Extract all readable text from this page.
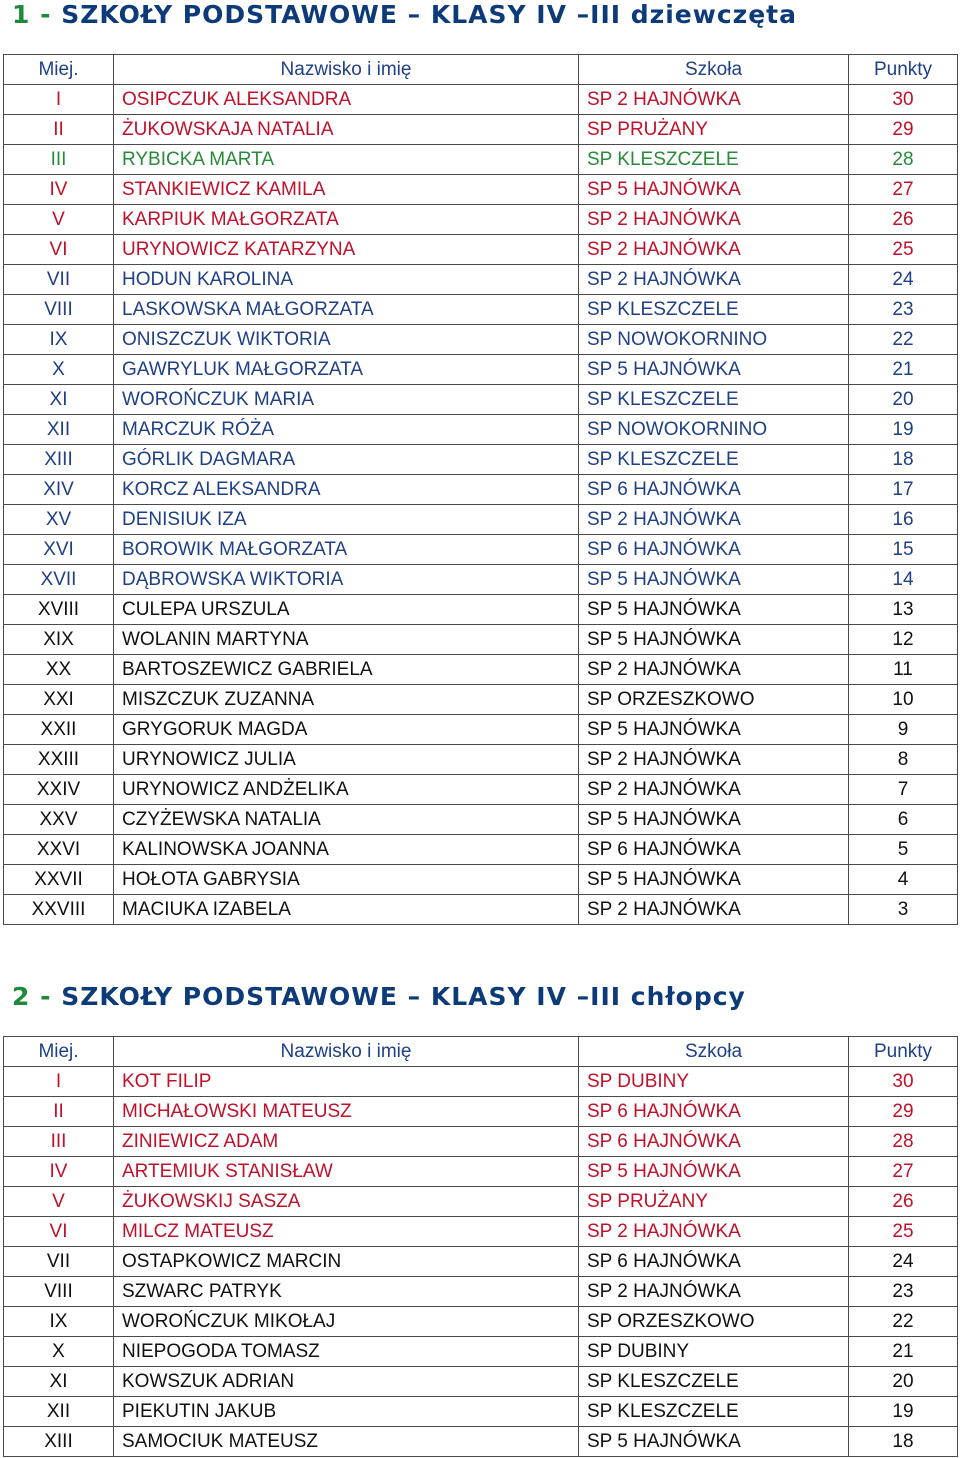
1 - SZKOŁY PODSTAWOWE – KLASY IV –III dziewczęta
Miej.	Nazwisko i imię	Szkoła	Punkty
I	OSIPCZUK ALEKSANDRA	SP 2 HAJNÓWKA	30
II	ŻUKOWSKAJA NATALIA	SP PRUŻANY	29
III	RYBICKA MARTA	SP KLESZCZELE	28
IV	STANKIEWICZ KAMILA	SP 5 HAJNÓWKA	27
V	KARPIUK MAŁGORZATA	SP 2 HAJNÓWKA	26
VI	URYNOWICZ KATARZYNA	SP 2 HAJNÓWKA	25
VII	HODUN KAROLINA	SP 2 HAJNÓWKA	24
VIII	LASKOWSKA MAŁGORZATA	SP KLESZCZELE	23
IX	ONISZCZUK WIKTORIA	SP NOWOKORNINO	22
X	GAWRYLUK MAŁGORZATA	SP 5 HAJNÓWKA	21
XI	WOROŃCZUK MARIA	SP KLESZCZELE	20
XII	MARCZUK RÓŻA	SP NOWOKORNINO	19
XIII	GÓRLIK DAGMARA	SP KLESZCZELE	18
XIV	KORCZ ALEKSANDRA	SP 6 HAJNÓWKA	17
XV	DENISIUK IZA	SP 2 HAJNÓWKA	16
XVI	BOROWIK MAŁGORZATA	SP 6 HAJNÓWKA	15
XVII	DĄBROWSKA WIKTORIA	SP 5 HAJNÓWKA	14
XVIII	CULEPA URSZULA	SP 5 HAJNÓWKA	13
XIX	WOLANIN MARTYNA	SP 5 HAJNÓWKA	12
XX	BARTOSZEWICZ GABRIELA	SP 2 HAJNÓWKA	11
XXI	MISZCZUK ZUZANNA	SP ORZESZKOWO	10
XXII	GRYGORUK MAGDA	SP 5 HAJNÓWKA	9
XXIII	URYNOWICZ JULIA	SP 2 HAJNÓWKA	8
XXIV	URYNOWICZ ANDŻELIKA	SP 2 HAJNÓWKA	7
XXV	CZYŻEWSKA NATALIA	SP 5 HAJNÓWKA	6
XXVI	KALINOWSKA JOANNA	SP 6 HAJNÓWKA	5
XXVII	HOŁOTA GABRYSIA	SP 5 HAJNÓWKA	4
XXVIII	MACIUKA IZABELA	SP 2 HAJNÓWKA	3
2 - SZKOŁY PODSTAWOWE – KLASY IV –III chłopcy
Miej.	Nazwisko i imię	Szkoła	Punkty
I	KOT FILIP	SP DUBINY	30
II	MICHAŁOWSKI MATEUSZ	SP 6 HAJNÓWKA	29
III	ZINIEWICZ ADAM	SP 6 HAJNÓWKA	28
IV	ARTEMIUK STANISŁAW	SP 5 HAJNÓWKA	27
V	ŻUKOWSKIJ SASZA	SP PRUŻANY	26
VI	MILCZ MATEUSZ	SP 2 HAJNÓWKA	25
VII	OSTAPKOWICZ MARCIN	SP 6 HAJNÓWKA	24
VIII	SZWARC PATRYK	SP 2 HAJNÓWKA	23
IX	WOROŃCZUK MIKOŁAJ	SP ORZESZKOWO	22
X	NIEPOGODA TOMASZ	SP DUBINY	21
XI	KOWSZUK ADRIAN	SP KLESZCZELE	20
XII	PIEKUTIN JAKUB	SP KLESZCZELE	19
XIII	SAMOCIUK MATEUSZ	SP 5 HAJNÓWKA	18
